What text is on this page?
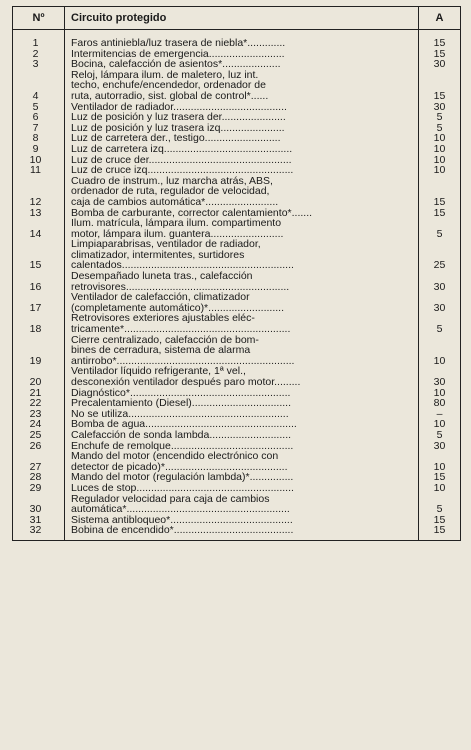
Nº	Circuito protegido	A

1	Faros antiniebla/luz trasera de niebla*.............	15
2	Intermitencias de emergencia..........................	15
3	Bocina, calefacción de asientos*....................	30
4	Reloj, lámpara ilum. de maletero, luz int.
techo, enchufe/encendedor, ordenador de
ruta, autorradio, sist. global de control*......	15
5	Ventilador de radiador.......................................	30
6	Luz de posición y luz trasera der......................	5
7	Luz de posición y luz trasera izq......................	5
8	Luz de carretera der., testigo..........................	10
9	Luz de carretera izq............................................	10
10	Luz de cruce der.................................................	10
11	Luz de cruce izq..................................................	10
12	Cuadro de instrum., luz marcha atrás, ABS,
ordenador de ruta, regulador de velocidad,
caja de cambios automática*.........................	15
13	Bomba de carburante, corrector calentamiento*.......	15
14	Ilum. matrícula, lámpara ilum. compartimento
motor, lámpara ilum. guantera.........................	5
15	Limpiaparabrisas, ventilador de radiador,
climatizador, intermitentes, surtidores
calentados...........................................................	25
16	Desempañado luneta tras., calefacción
retrovisores........................................................	30
17	Ventilador de calefacción, climatizador
(completamente automático)*..........................	30
18	Retrovisores exteriores ajustables eléc-
tricamente*.........................................................	5
19	Cierre centralizado, calefacción de bom-
bines de cerradura, sistema de alarma
antirrobo*.............................................................	10
20	Ventilador líquido refrigerante, 1ª vel.,
desconexión ventilador después paro motor.........	30
21	Diagnóstico*.......................................................	10
22	Precalentamiento (Diesel)..................................	80
23	No se utiliza.......................................................	–
24	Bomba de agua....................................................	10
25	Calefacción de sonda lambda............................	5
26	Enchufe de remolque..........................................	30
27	Mando del motor (encendido electrónico con
detector de picado)*..........................................	10
28	Mando del motor (regulación lambda)*...............	15
29	Luces de stop......................................................	10
30	Regulador velocidad para caja de cambios
automática*........................................................	5
31	Sistema antibloqueo*..........................................	15
32	Bobina de encendido*.........................................	15
